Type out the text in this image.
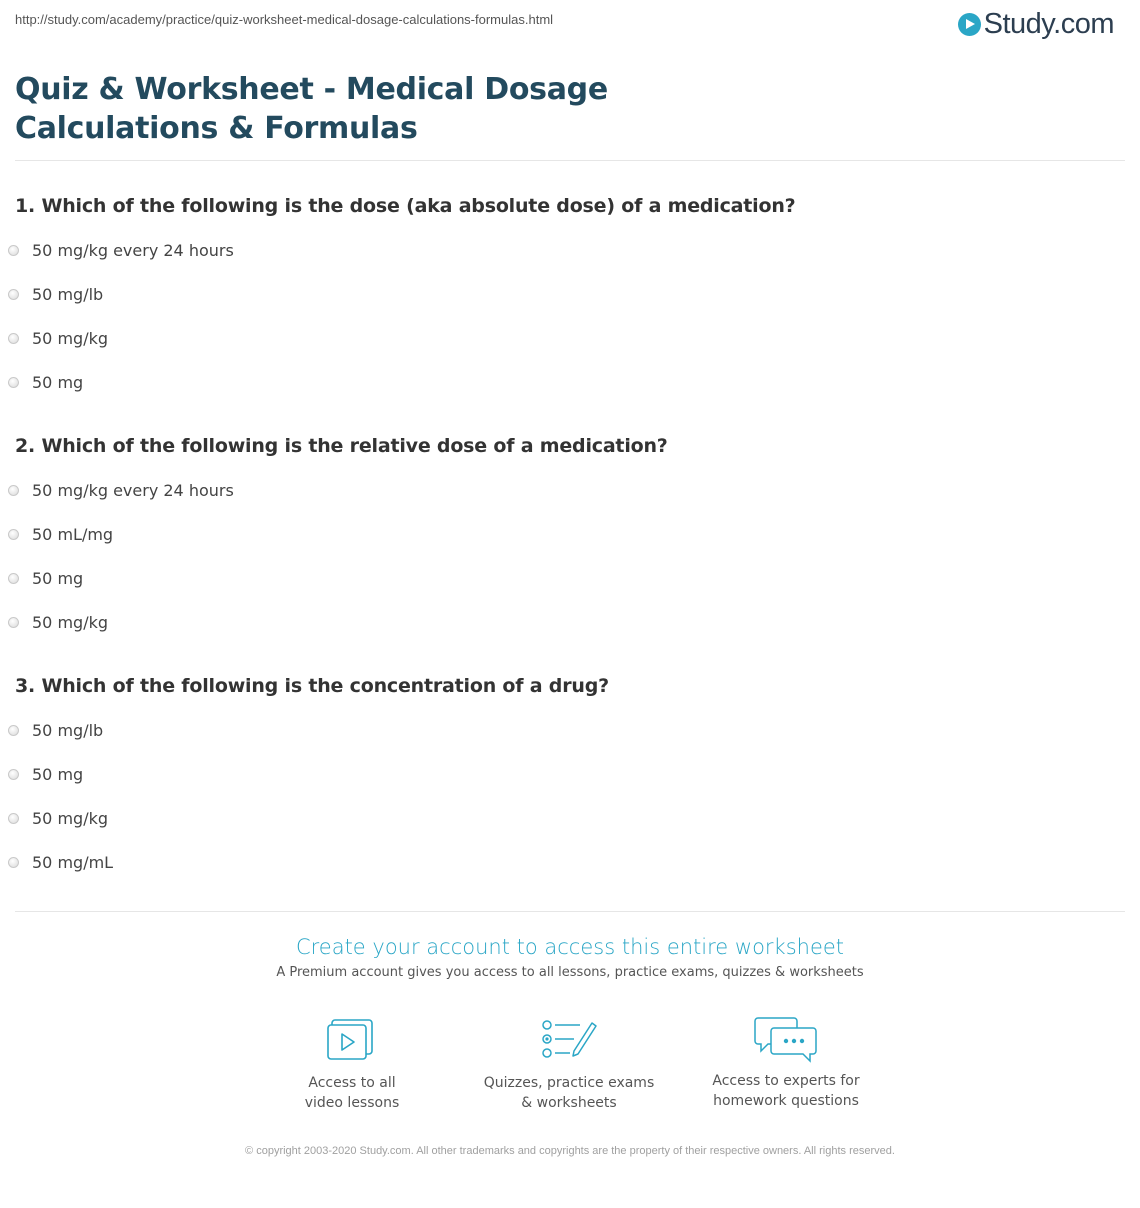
http://study.com/academy/practice/quiz-worksheet-medical-dosage-calculations-formulas.html	Study.com
Quiz & Worksheet - Medical Dosage Calculations & Formulas
1. Which of the following is the dose (aka absolute dose) of a medication?
50 mg/kg every 24 hours
50 mg/lb
50 mg/kg
50 mg
2. Which of the following is the relative dose of a medication?
50 mg/kg every 24 hours
50 mL/mg
50 mg
50 mg/kg
3. Which of the following is the concentration of a drug?
50 mg/lb
50 mg
50 mg/kg
50 mg/mL
Create your account to access this entire worksheet
A Premium account gives you access to all lessons, practice exams, quizzes & worksheets
Access to all
video lessons
Quizzes, practice exams
& worksheets
Access to experts for
homework questions
© copyright 2003-2020 Study.com. All other trademarks and copyrights are the property of their respective owners. All rights reserved.
